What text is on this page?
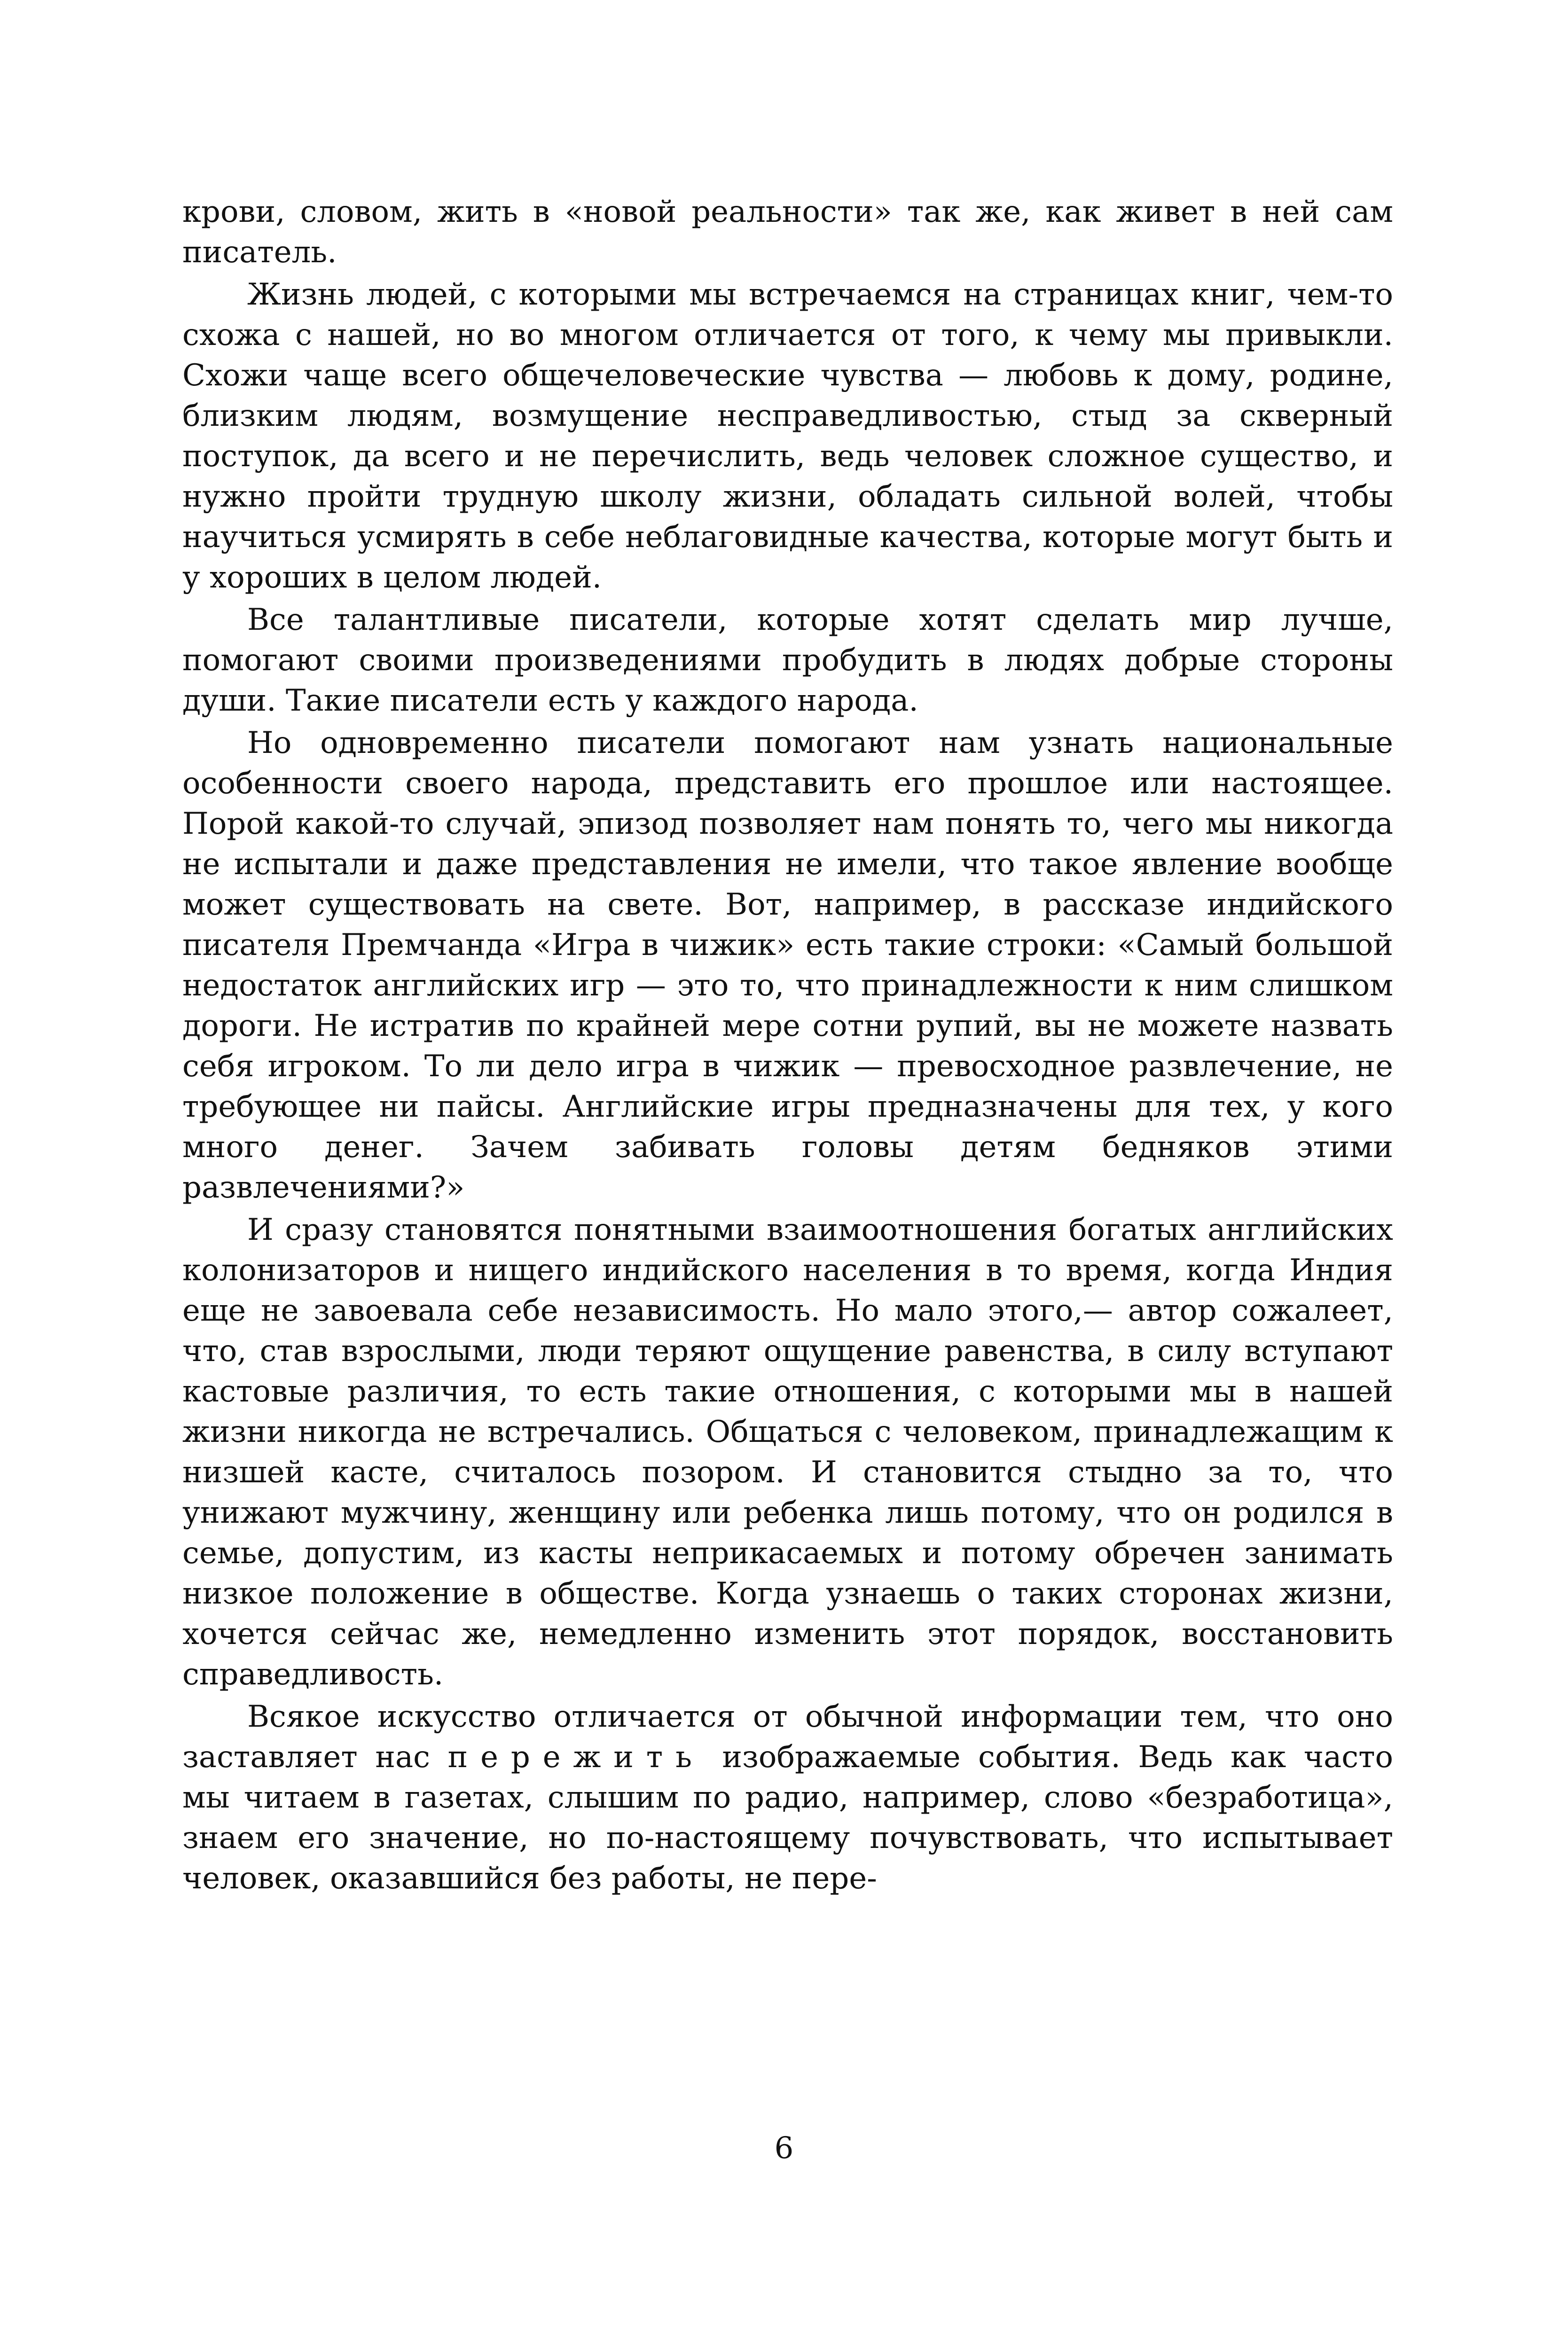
крови, словом, жить в «новой реальности» так же, как живет в ней сам писатель.

Жизнь людей, с которыми мы встречаемся на страницах книг, чем-то схожа с нашей, но во многом отличается от того, к чему мы привыкли. Схожи чаще всего общечеловеческие чувства — любовь к дому, родине, близким людям, возмущение несправедливостью, стыд за скверный поступок, да всего и не перечислить, ведь человек сложное существо, и нужно пройти трудную школу жизни, обладать сильной волей, чтобы научиться усмирять в себе неблаговидные качества, которые могут быть и у хороших в целом людей.

Все талантливые писатели, которые хотят сделать мир лучше, помогают своими произведениями пробудить в людях добрые стороны души. Такие писатели есть у каждого народа.

Но одновременно писатели помогают нам узнать национальные особенности своего народа, представить его прошлое или настоящее. Порой какой-то случай, эпизод позволяет нам понять то, чего мы никогда не испытали и даже представления не имели, что такое явление вообще может существовать на свете. Вот, например, в рассказе индийского писателя Премчанда «Игра в чижик» есть такие строки: «Самый большой недостаток английских игр — это то, что принадлежности к ним слишком дороги. Не истратив по крайней мере сотни рупий, вы не можете назвать себя игроком. То ли дело игра в чижик — превосходное развлечение, не требующее ни пайсы. Английские игры предназначены для тех, у кого много денег. Зачем забивать головы детям бедняков этими развлечениями?»

И сразу становятся понятными взаимоотношения богатых английских колонизаторов и нищего индийского населения в то время, когда Индия еще не завоевала себе независимость. Но мало этого,— автор сожалеет, что, став взрослыми, люди теряют ощущение равенства, в силу вступают кастовые различия, то есть такие отношения, с которыми мы в нашей жизни никогда не встречались. Общаться с человеком, принадлежащим к низшей касте, считалось позором. И становится стыдно за то, что унижают мужчину, женщину или ребенка лишь потому, что он родился в семье, допустим, из касты неприкасаемых и потому обречен занимать низкое положение в обществе. Когда узнаешь о таких сторонах жизни, хочется сейчас же, немедленно изменить этот порядок, восстановить справедливость.

Всякое искусство отличается от обычной информации тем, что оно заставляет нас пережить изображаемые события. Ведь как часто мы читаем в газетах, слышим по радио, например, слово «безработица», знаем его значение, но по-настоящему почувствовать, что испытывает человек, оказавшийся без работы, не пере-

6
